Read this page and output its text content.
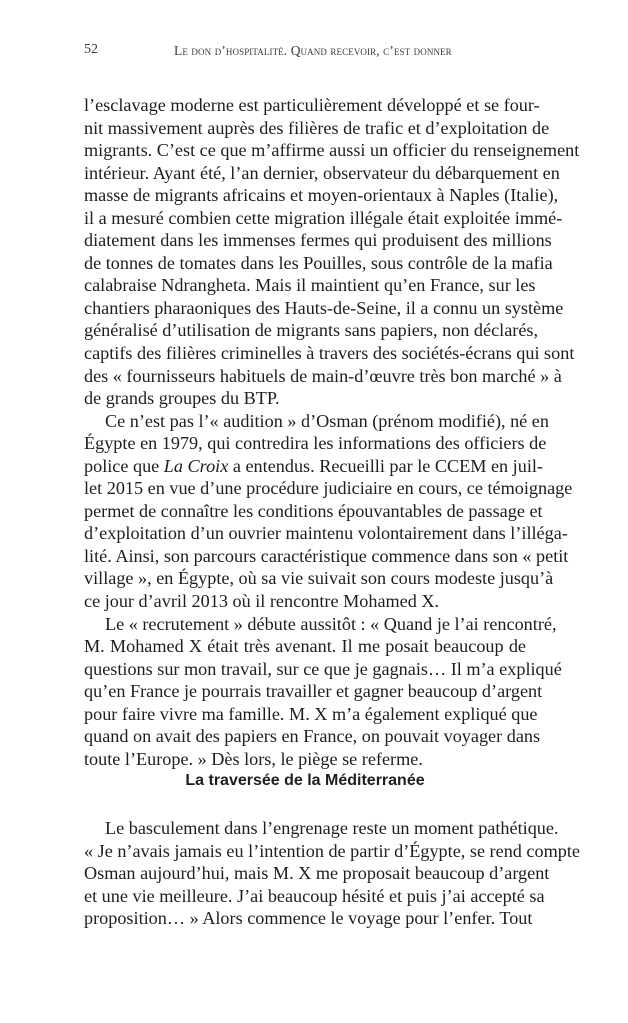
52	Le don d’hospitalité. Quand recevoir, c’est donner
l’esclavage moderne est particulièrement développé et se four-
nit massivement auprès des filières de trafic et d’exploitation de
migrants. C’est ce que m’affirme aussi un officier du renseignement
intérieur. Ayant été, l’an dernier, observateur du débarquement en
masse de migrants africains et moyen-orientaux à Naples (Italie),
il a mesuré combien cette migration illégale était exploitée immé-
diatement dans les immenses fermes qui produisent des millions
de tonnes de tomates dans les Pouilles, sous contrôle de la mafia
calabraise Ndrangheta. Mais il maintient qu’en France, sur les
chantiers pharaoniques des Hauts-de-Seine, il a connu un système
généralisé d’utilisation de migrants sans papiers, non déclarés,
captifs des filières criminelles à travers des sociétés-écrans qui sont
des « fournisseurs habituels de main-d’œuvre très bon marché » à
de grands groupes du BTP.
Ce n’est pas l’« audition » d’Osman (prénom modifié), né en
Égypte en 1979, qui contredira les informations des officiers de
police que La Croix a entendus. Recueilli par le CCEM en juil-
let 2015 en vue d’une procédure judiciaire en cours, ce témoignage
permet de connaître les conditions épouvantables de passage et
d’exploitation d’un ouvrier maintenu volontairement dans l’illéga-
lité. Ainsi, son parcours caractéristique commence dans son « petit
village », en Égypte, où sa vie suivait son cours modeste jusqu’à
ce jour d’avril 2013 où il rencontre Mohamed X.
Le « recrutement » débute aussitôt : « Quand je l’ai rencontré,
M. Mohamed X était très avenant. Il me posait beaucoup de
questions sur mon travail, sur ce que je gagnais… Il m’a expliqué
qu’en France je pourrais travailler et gagner beaucoup d’argent
pour faire vivre ma famille. M. X m’a également expliqué que
quand on avait des papiers en France, on pouvait voyager dans
toute l’Europe. » Dès lors, le piège se referme.
La traversée de la Méditerranée
Le basculement dans l’engrenage reste un moment pathétique.
« Je n’avais jamais eu l’intention de partir d’Égypte, se rend compte
Osman aujourd’hui, mais M. X me proposait beaucoup d’argent
et une vie meilleure. J’ai beaucoup hésité et puis j’ai accepté sa
proposition… » Alors commence le voyage pour l’enfer. Tout
